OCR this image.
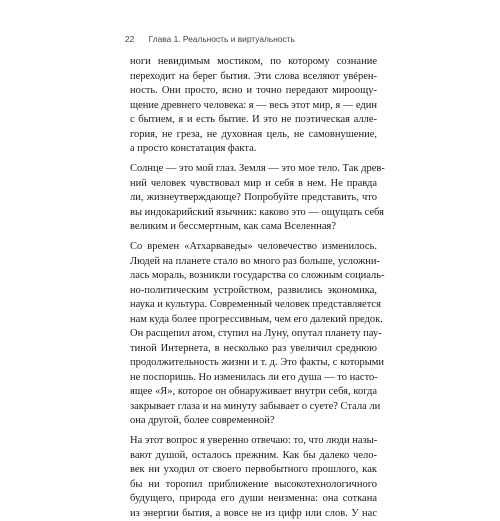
22 Глава 1. Реальность и виртуальность
ноги невидимым мостиком, по которому сознание
переходит на берег бытия. Эти слова вселяют увéрен-
ность. Они просто, ясно и точно передают мироощу-
щение древнего человека: я — весь этот мир, я — един
с бытием, я и есть бытие. И это не поэтическая алле-
гория, не греза, не духовная цель, не самовнушение,
а просто констатация факта.
Солнце — это мой глаз. Земля — это мое тело. Так древ-
ний человек чувствовал мир и себя в нем. Не правда
ли, жизнеутверждающе? Попробуйте представить, что
вы индокарийский язычник: каково это — ощущать себя
великим и бессмертным, как сама Вселенная?
Со времен «Атхарваведы» человечество изменилось.
Людей на планете стало во много раз больше, усложни-
лась мораль, возникли государства со сложным социаль-
но-политическим устройством, развились экономика,
наука и культура. Современный человек представляется
нам куда более прогрессивным, чем его далекий предок.
Он расщепил атом, ступил на Луну, опутал планету пау-
тиной Интернета, в несколько раз увеличил среднюю
продолжительность жизни и т. д. Это факты, с которыми
не поспоришь. Но изменилась ли его душа — то насто-
ящее «Я», которое он обнаруживает внутри себя, когда
закрывает глаза и на минуту забывает о суете? Стала ли
она другой, более современной?
На этот вопрос я уверенно отвечаю: то, что люди назы-
вают душой, осталось прежним. Как бы далеко чело-
век ни уходил от своего первобытного прошлого, как
бы ни торопил приближение высокотехнологичного
будущего, природа его души неизменна: она соткана
из энергии бытия, а вовсе не из цифр или слов. У нас
